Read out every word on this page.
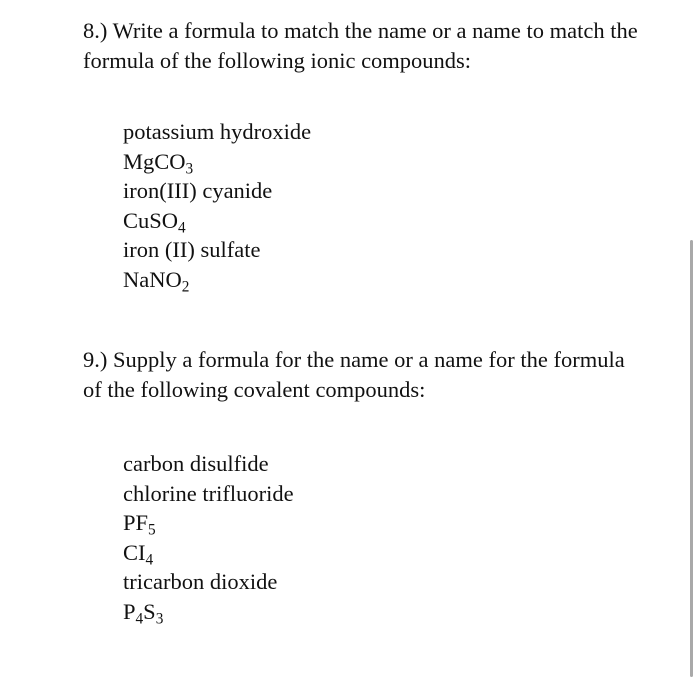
8.) Write a formula to match the name or a name to match the formula of the following ionic compounds:

potassium hydroxide
MgCO$_3$
iron(III) cyanide
CuSO$_4$
iron (II) sulfate
NaNO$_2$

9.) Supply a formula for the name or a name for the formula of the following covalent compounds:

carbon disulfide
chlorine trifluoride
$PF_5$
$CI_4$
tricarbon dioxide
$P_4S_3$
